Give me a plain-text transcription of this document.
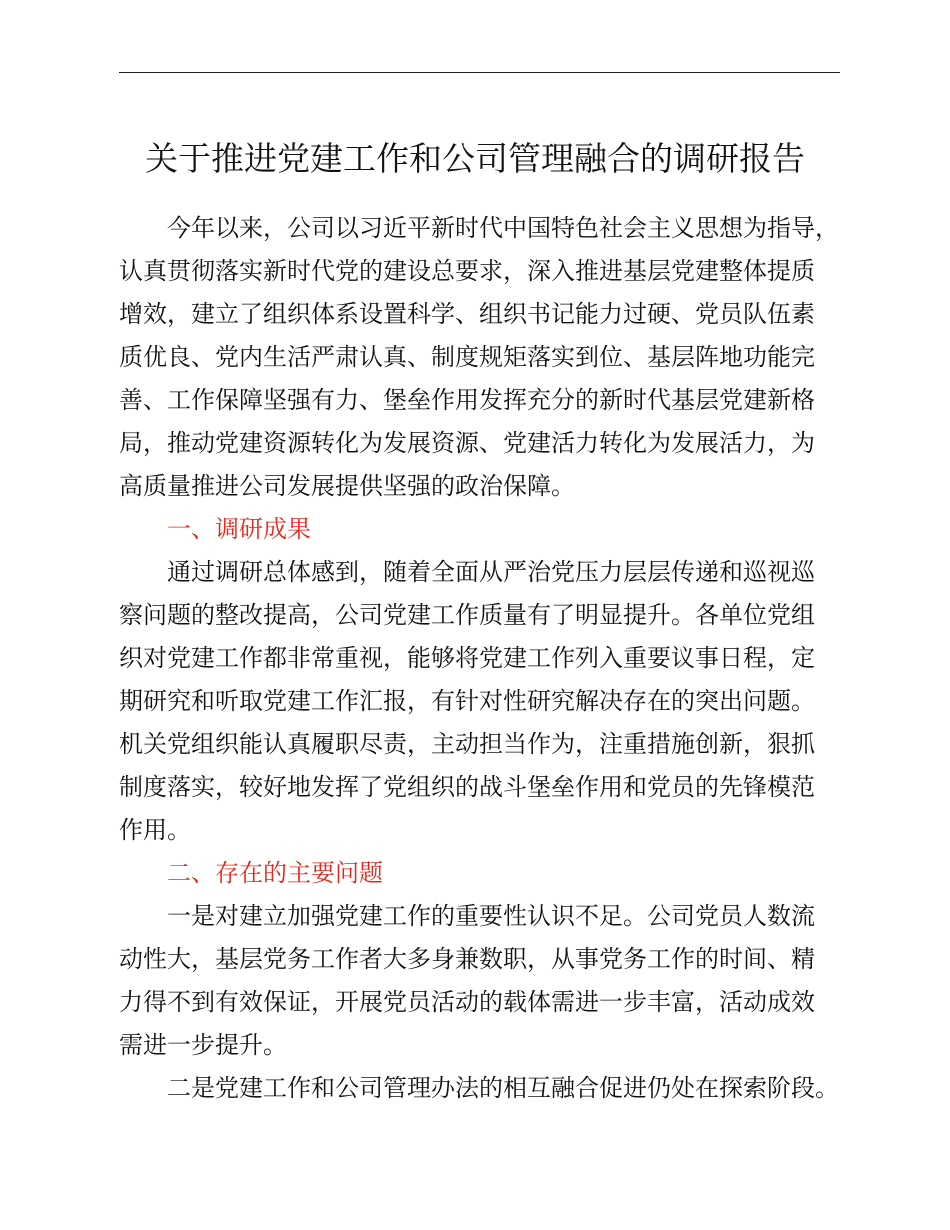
关于推进党建工作和公司管理融合的调研报告

今年以来，公司以习近平新时代中国特色社会主义思想为指导，

认真贯彻落实新时代党的建设总要求，深入推进基层党建整体提质

增效，建立了组织体系设置科学、组织书记能力过硬、党员队伍素

质优良、党内生活严肃认真、制度规矩落实到位、基层阵地功能完

善、工作保障坚强有力、堡垒作用发挥充分的新时代基层党建新格

局，推动党建资源转化为发展资源、党建活力转化为发展活力，为

高质量推进公司发展提供坚强的政治保障。

一、调研成果

通过调研总体感到，随着全面从严治党压力层层传递和巡视巡

察问题的整改提高，公司党建工作质量有了明显提升。各单位党组

织对党建工作都非常重视，能够将党建工作列入重要议事日程，定

期研究和听取党建工作汇报，有针对性研究解决存在的突出问题。

机关党组织能认真履职尽责，主动担当作为，注重措施创新，狠抓

制度落实，较好地发挥了党组织的战斗堡垒作用和党员的先锋模范

作用。

二、存在的主要问题

一是对建立加强党建工作的重要性认识不足。公司党员人数流

动性大，基层党务工作者大多身兼数职，从事党务工作的时间、精

力得不到有效保证，开展党员活动的载体需进一步丰富，活动成效

需进一步提升。

二是党建工作和公司管理办法的相互融合促进仍处在探索阶段。
